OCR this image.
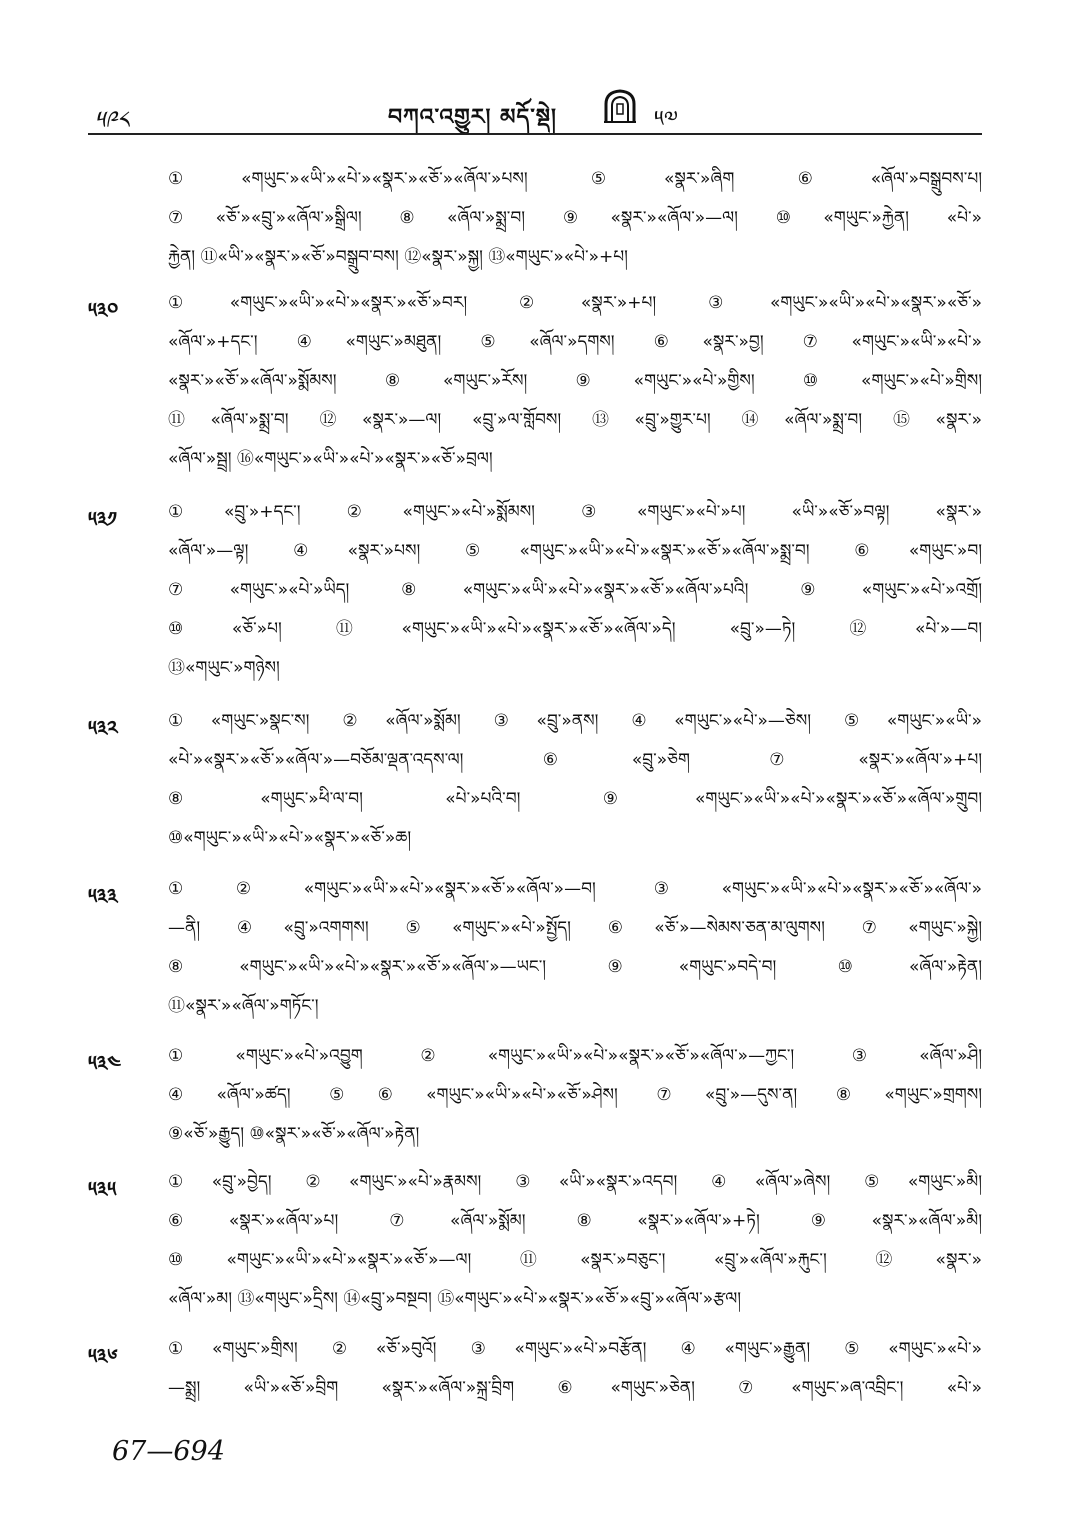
༥༩༨	བཀའ་འགྱུར། མདོ་སྡེ།	༥༧
①«གཡུང་»«ཡི་»«པེ་»«སྣར་»«ཅོ་»«ཞོལ་»པས། ⑤«སྣར་»ཞིག ⑥«ཞོལ་»བསྒྲུབས་པ།
⑦«ཅོ་»«བྲུ་»«ཞོལ་»སྒྲིལ། ⑧«ཞོལ་»སྨྲ་བ། ⑨«སྣར་»«ཞོལ་»—ལ། ⑩«གཡུང་»རྐྱེན། «པེ་»
རྐྱེན། ⑪«ཡི་»«སྣར་»«ཅོ་»བསྒྲུབ་བས། ⑫«སྣར་»སྐྱ། ⑬«གཡུང་»«པེ་»+པ།
༥༣༠	①«གཡུང་»«ཡི་»«པེ་»«སྣར་»«ཅོ་»བར། ②«སྣར་»+པ། ③«གཡུང་»«ཡི་»«པེ་»«སྣར་»«ཅོ་»
«ཞོལ་»+དང་། ④«གཡུང་»མཐུན། ⑤«ཞོལ་»དགས། ⑥«སྣར་»བྱ། ⑦«གཡུང་»«ཡི་»«པེ་»
«སྣར་»«ཅོ་»«ཞོལ་»སྨོམས། ⑧«གཡུང་»རོས། ⑨«གཡུང་»«པེ་»གྱིས། ⑩«གཡུང་»«པེ་»གྲིས།
⑪«ཞོལ་»སྨྲ་བ། ⑫«སྣར་»—ལ། «བྲུ་»ལ་གློབས། ⑬«བྲུ་»གྱུར་པ། ⑭«ཞོལ་»སྨྲ་བ། ⑮«སྣར་»
«ཞོལ་»སྦྲ། ⑯«གཡུང་»«ཡི་»«པེ་»«སྣར་»«ཅོ་»བྲལ།
༥༣༡	①«བྲུ་»+དང་། ②«གཡུང་»«པེ་»སྨོམས། ③«གཡུང་»«པེ་»པ། «ཡི་»«ཅོ་»བལྟ། «སྣར་»
«ཞོལ་»—ལྟ། ④«སྣར་»པས། ⑤«གཡུང་»«ཡི་»«པེ་»«སྣར་»«ཅོ་»«ཞོལ་»སྨྲ་བ། ⑥«གཡུང་»བ།
⑦«གཡུང་»«པེ་»ཡིད། ⑧«གཡུང་»«ཡི་»«པེ་»«སྣར་»«ཅོ་»«ཞོལ་»པའི། ⑨«གཡུང་»«པེ་»འགྲོ།
⑩«ཅོ་»པ། ⑪«གཡུང་»«ཡི་»«པེ་»«སྣར་»«ཅོ་»«ཞོལ་»དེ། «བྲུ་»—ཏེ། ⑫«པེ་»—བ།
⑬«གཡུང་»གཉེས།
༥༣༢	①«གཡུང་»སྣང་ས། ②«ཞོལ་»སྨོམ། ③«བྲུ་»ནས། ④«གཡུང་»«པེ་»—ཅེས། ⑤«གཡུང་»«ཡི་»
«པེ་»«སྣར་»«ཅོ་»«ཞོལ་»—བཅོམ་ལྡན་འདས་ལ། ⑥«བྲུ་»ཅེག ⑦«སྣར་»«ཞོལ་»+པ།
⑧«གཡུང་»ཕི་ལ་བ། «པེ་»པའི་བ། ⑨«གཡུང་»«ཡི་»«པེ་»«སྣར་»«ཅོ་»«ཞོལ་»གྲུབ།
⑩«གཡུང་»«ཡི་»«པེ་»«སྣར་»«ཅོ་»ཆ།
༥༣༣	①②«གཡུང་»«ཡི་»«པེ་»«སྣར་»«ཅོ་»«ཞོལ་»—བ། ③«གཡུང་»«ཡི་»«པེ་»«སྣར་»«ཅོ་»«ཞོལ་»
—ནི། ④«བྲུ་»འགགས། ⑤«གཡུང་»«པེ་»སྤྱོད། ⑥«ཅོ་»—སེམས་ཅན་མ་ལུགས། ⑦«གཡུང་»སྐྱེ།
⑧«གཡུང་»«ཡི་»«པེ་»«སྣར་»«ཅོ་»«ཞོལ་»—ཡང་། ⑨«གཡུང་»བདེ་བ། ⑩«ཞོལ་»རྟེན།
⑪«སྣར་»«ཞོལ་»གཏོང་།
༥༣༤	①«གཡུང་»«པེ་»འབྱུག ②«གཡུང་»«ཡི་»«པེ་»«སྣར་»«ཅོ་»«ཞོལ་»—ཀྱང་། ③«ཞོལ་»ཤི།
④«ཞོལ་»ཚད། ⑤⑥«གཡུང་»«ཡི་»«པེ་»«ཅོ་»ཤེས། ⑦«བྲུ་»—དུས་ན། ⑧«གཡུང་»གྲགས།
⑨«ཅོ་»རྒྱུད། ⑩«སྣར་»«ཅོ་»«ཞོལ་»རྟེན།
༥༣༥	①«བྲུ་»བྱེད། ②«གཡུང་»«པེ་»རྣམས། ③«ཡི་»«སྣར་»འདབ། ④«ཞོལ་»ཞེས། ⑤«གཡུང་»མི།
⑥«སྣར་»«ཞོལ་»པ། ⑦«ཞོལ་»སྨོམ། ⑧«སྣར་»«ཞོལ་»+ཏེ། ⑨«སྣར་»«ཞོལ་»མི།
⑩«གཡུང་»«ཡི་»«པེ་»«སྣར་»«ཅོ་»—ལ། ⑪«སྣར་»བཅུང་། «བྲུ་»«ཞོལ་»རྐུང་། ⑫«སྣར་»
«ཞོལ་»མ། ⑬«གཡུང་»དྲིས། ⑭«བྲུ་»བསྔབ། ⑮«གཡུང་»«པེ་»«སྣར་»«ཅོ་»«བྲུ་»«ཞོལ་»རྩལ།
༥༣༦	①«གཡུང་»གྲིས། ②«ཅོ་»བུའོ། ③«གཡུང་»«པེ་»བརྩོན། ④«གཡུང་»རྒྱུན། ⑤«གཡུང་»«པེ་»
—སྨྲ། «ཡི་»«ཅོ་»བྲིག «སྣར་»«ཞོལ་»སྐྲ་བྲིག ⑥«གཡུང་»ཅེན། ⑦«གཡུང་»ཞ་འབྲིང་། «པེ་»
67—694
